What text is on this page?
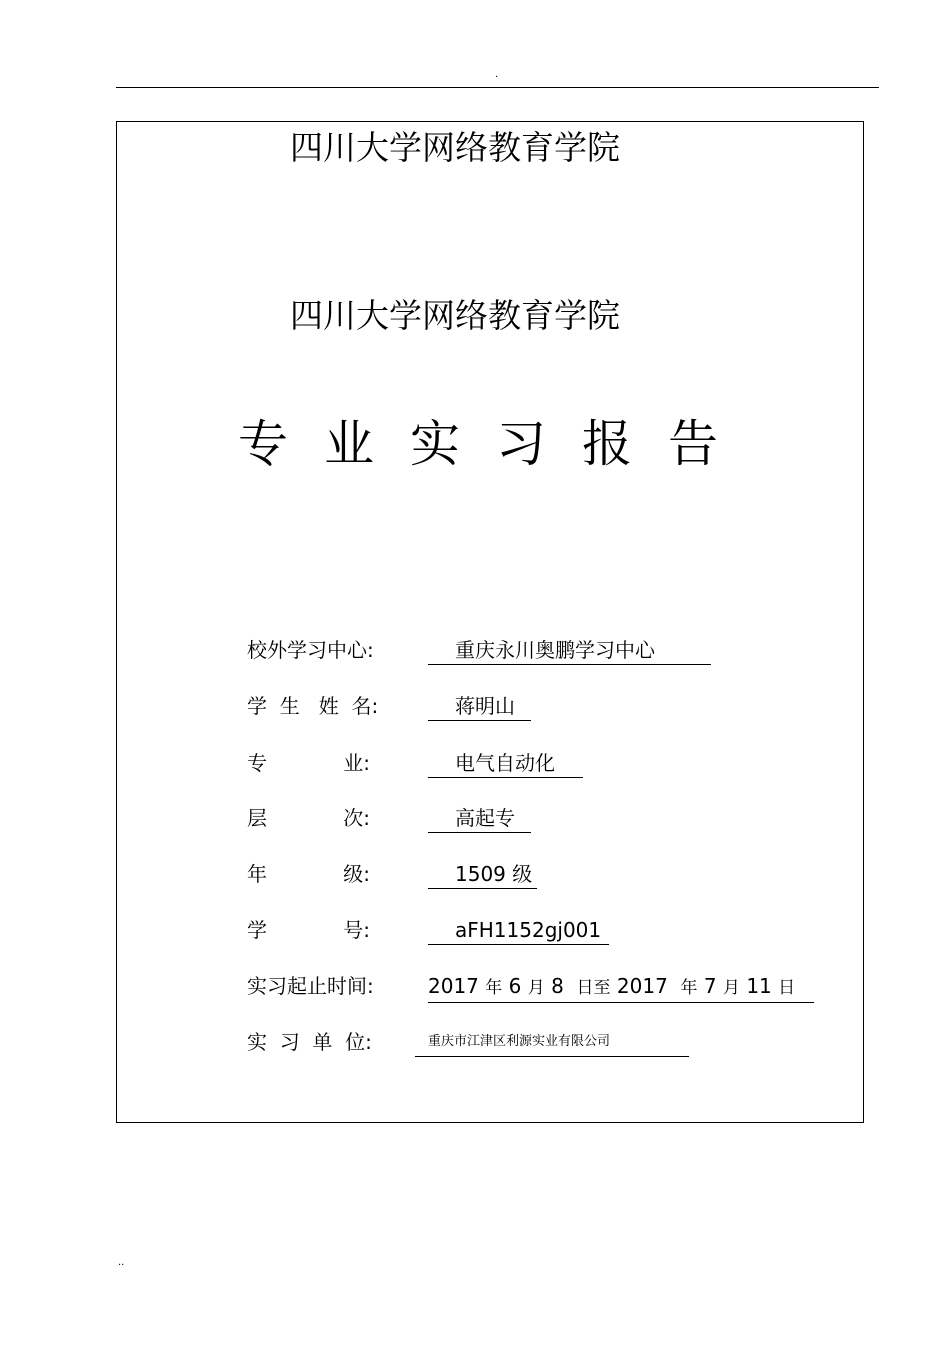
.
四川大学网络教育学院
四川大学网络教育学院
专业实习报告
校外学习中心:	重庆永川奥鹏学习中心
学  生   姓  名:	蒋明山
专            业:	电气自动化
层            次:	高起专
年            级:	1509 级
学            号:	aFH1152gj001
实习起止时间:	2017 年 6 月 8 日至 2017 年 7 月 11 日
实  习  单  位:	重庆市江津区利源实业有限公司
..
